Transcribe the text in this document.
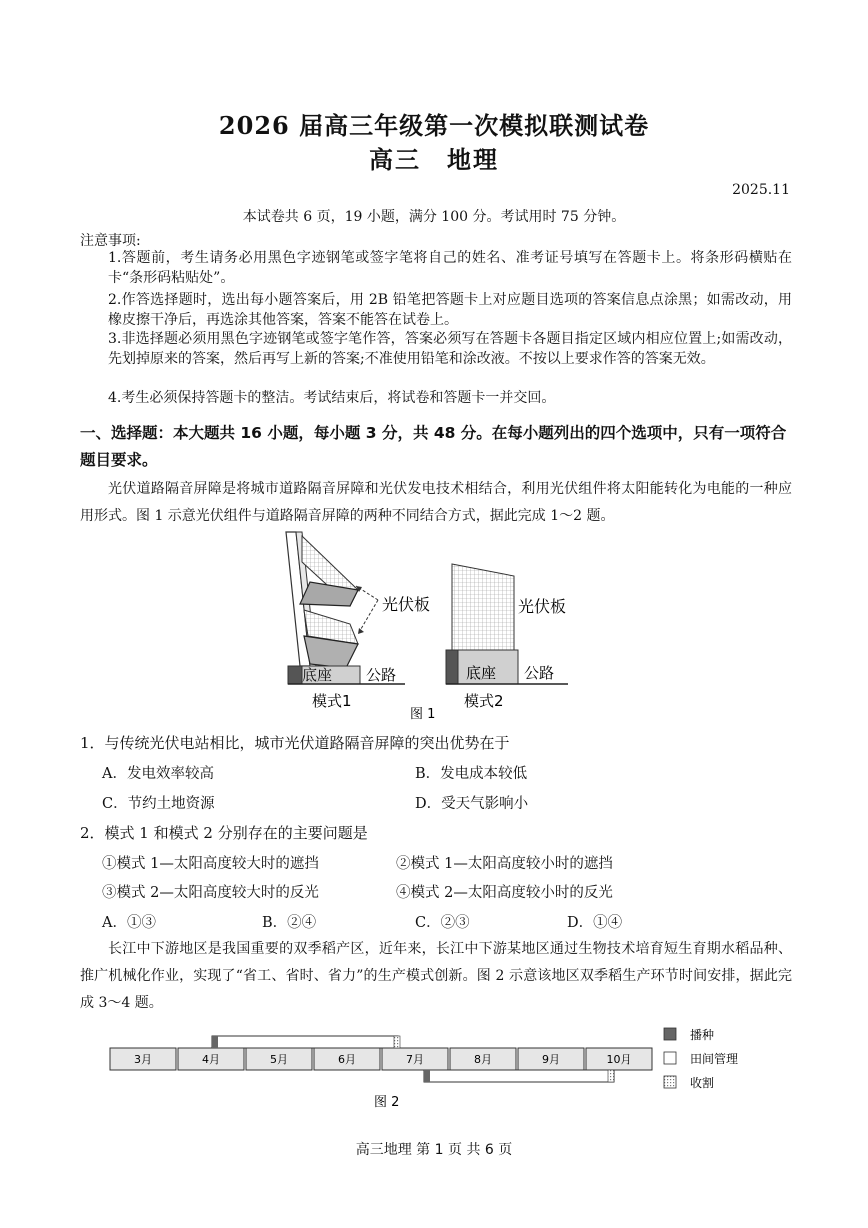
2026 届高三年级第一次模拟联测试卷
高三　地理
2025.11
本试卷共 6 页，19 小题，满分 100 分。考试用时 75 分钟。
注意事项:
1.答题前，考生请务必用黑色字迹钢笔或签字笔将自己的姓名、准考证号填写在答题卡上。将条形码横贴在卡“条形码粘贴处”。
2.作答选择题时，选出每小题答案后，用 2B 铅笔把答题卡上对应题目选项的答案信息点涂黑；如需改动，用橡皮擦干净后，再选涂其他答案，答案不能答在试卷上。
3.非选择题必须用黑色字迹钢笔或签字笔作答，答案必须写在答题卡各题目指定区域内相应位置上;如需改动，先划掉原来的答案，然后再写上新的答案;不准使用铅笔和涂改液。不按以上要求作答的答案无效。
4.考生必须保持答题卡的整洁。考试结束后，将试卷和答题卡一并交回。
一、选择题：本大题共 16 小题，每小题 3 分，共 48 分。在每小题列出的四个选项中，只有一项符合题目要求。
光伏道路隔音屏障是将城市道路隔音屏障和光伏发电技术相结合，利用光伏组件将太阳能转化为电能的一种应用形式。图 1 示意光伏组件与道路隔音屏障的两种不同结合方式，据此完成 1～2 题。
光伏板
底座 公路
模式1
光伏板
底座 公路
模式2
图 1
1．与传统光伏电站相比，城市光伏道路隔音屏障的突出优势在于
A．发电效率较高	B．发电成本较低
C．节约土地资源	D．受天气影响小
2．模式 1 和模式 2 分别存在的主要问题是
①模式 1—太阳高度较大时的遮挡	②模式 1—太阳高度较小时的遮挡
③模式 2—太阳高度较大时的反光	④模式 2—太阳高度较小时的反光
A．①③	B．②④	C．②③	D．①④
长江中下游地区是我国重要的双季稻产区，近年来，长江中下游某地区通过生物技术培育短生育期水稻品种、推广机械化作业，实现了“省工、省时、省力”的生产模式创新。图 2 示意该地区双季稻生产环节时间安排，据此完成 3～4 题。
3月	4月	5月	6月	7月	8月	9月	10月
播种
田间管理
收割
图 2
高三地理 第 1 页 共 6 页
